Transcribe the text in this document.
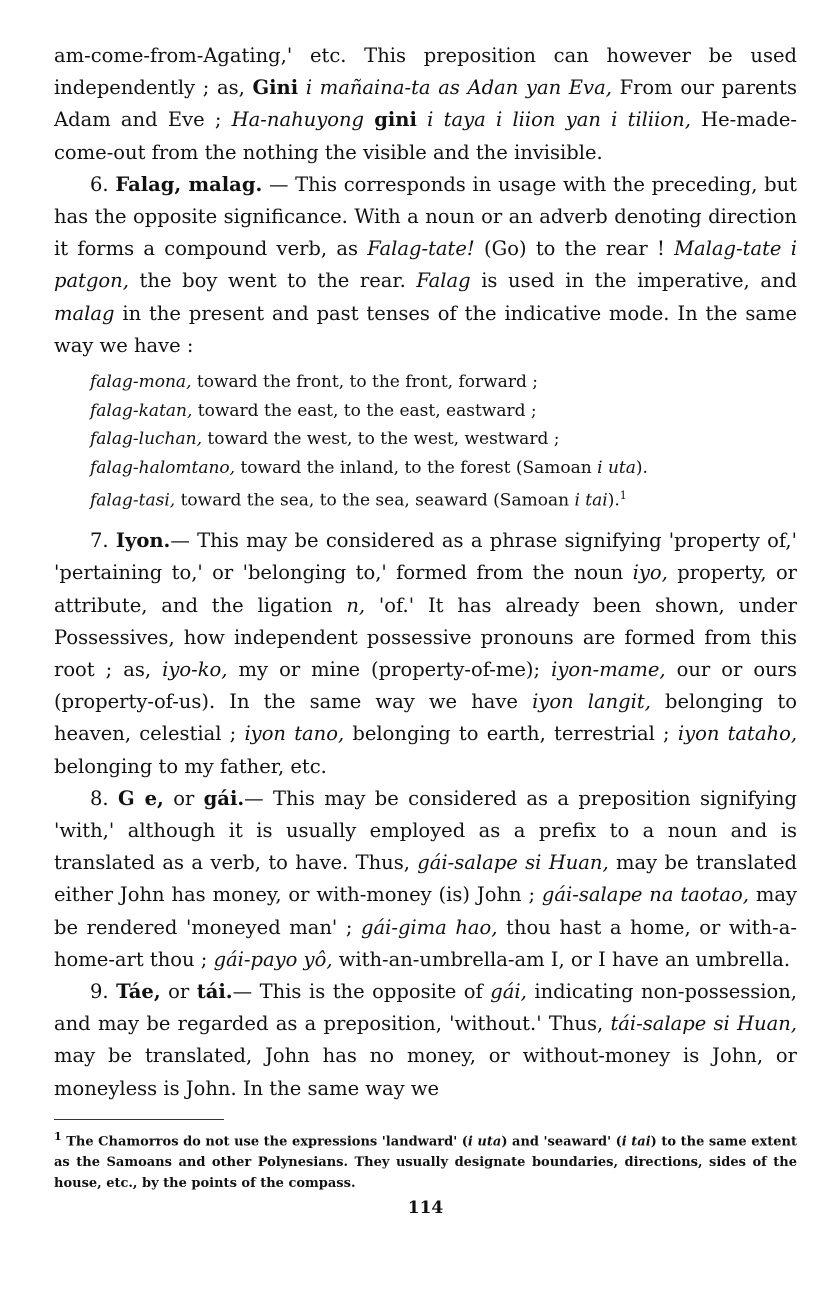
am-come-from-Agating,' etc. This preposition can however be used independently ; as, Gini i mañaina-ta as Adan yan Eva, From our parents Adam and Eve ; Ha-nahuyong gini i taya i liion yan i tiliion, He-made-come-out from the nothing the visible and the invisible.

6. Falag, malag. — This corresponds in usage with the preceding, but has the opposite significance. With a noun or an adverb denoting direction it forms a compound verb, as Falag-tate! (Go) to the rear ! Malag-tate i patgon, the boy went to the rear. Falag is used in the imperative, and malag in the present and past tenses of the indicative mode. In the same way we have :

falag-mona, toward the front, to the front, forward ;

falag-katan, toward the east, to the east, eastward ;

falag-luchan, toward the west, to the west, westward ;

falag-halomtano, toward the inland, to the forest (Samoan i uta).

falag-tasi, toward the sea, to the sea, seaward (Samoan i tai).$^1$

7. Iyon.— This may be considered as a phrase signifying 'property of,' 'pertaining to,' or 'belonging to,' formed from the noun iyo, property, or attribute, and the ligation n, 'of.' It has already been shown, under Possessives, how independent possessive pronouns are formed from this root ; as, iyo-ko, my or mine (property-of-me); iyon-mame, our or ours (property-of-us). In the same way we have iyon langit, belonging to heaven, celestial ; iyon tano, belonging to earth, terrestrial ; iyon tataho, belonging to my father, etc.

8. G e, or gái.— This may be considered as a preposition signifying 'with,' although it is usually employed as a prefix to a noun and is translated as a verb, to have. Thus, gái-salape si Huan, may be translated either John has money, or with-money (is) John ; gái-salape na taotao, may be rendered 'moneyed man' ; gái-gima hao, thou hast a home, or with-a-home-art thou ; gái-payo yô, with-an-umbrella-am I, or I have an umbrella.

9. Táe, or tái.— This is the opposite of gái, indicating non-possession, and may be regarded as a preposition, 'without.' Thus, tái-salape si Huan, may be translated, John has no money, or without-money is John, or moneyless is John. In the same way we

$^1$ The Chamorros do not use the expressions 'landward' (i uta) and 'seaward' (i tai) to the same extent as the Samoans and other Polynesians. They usually designate boundaries, directions, sides of the house, etc., by the points of the compass.

114
